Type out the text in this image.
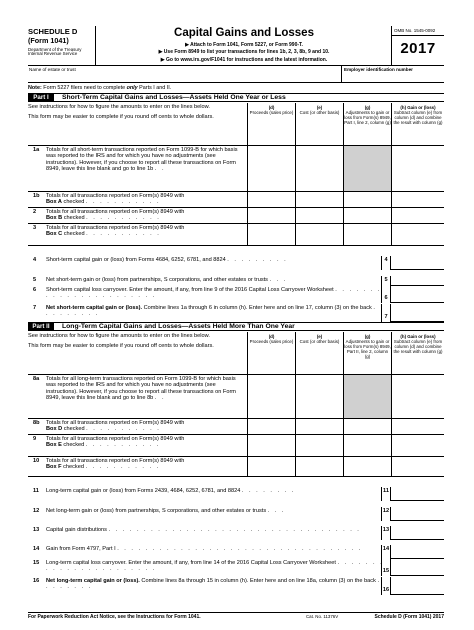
SCHEDULE D
(Form 1041)
Department of the Treasury
Internal Revenue Service
Capital Gains and Losses
▶ Attach to Form 1041, Form 5227, or Form 990-T.
▶ Use Form 8949 to list your transactions for lines 1b, 2, 3, 8b, 9 and 10.
▶ Go to www.irs.gov/F1041 for instructions and the latest information.
OMB No. 1545-0092
2017
Name of estate or trust	Employer identification number
Note: Form 5227 filers need to complete only Parts I and II.
Part I	Short-Term Capital Gains and Losses—Assets Held One Year or Less

See instructions for how to figure the amounts to enter on the lines below.

This form may be easier to complete if you round off cents to whole dollars.

(d)
Proceeds (sales price)
(e)
Cost (or other basis)
(g)
Adjustments to gain or loss from Form(s) 8949, Part I, line 2, column (g)
(h) Gain or (loss)
Subtract column (e) from column (d) and combine the result with column (g)
1a Totals for all short-term transactions reported on Form 1099-B for which basis was reported to the IRS and for which you have no adjustments (see instructions). However, if you choose to report all these transactions on Form 8949, leave this line blank and go to line 1b . .
1b Totals for all transactions reported on Form(s) 8949 with
Box A checked . . . . . . . . . . .
2 Totals for all transactions reported on Form(s) 8949 with
Box B checked . . . . . . . . . . .
3 Totals for all transactions reported on Form(s) 8949 with
Box C checked . . . . . . . . . . .
4 Short-term capital gain or (loss) from Forms 4684, 6252, 6781, and 8824 . . . . . . . . .	4
5 Net short-term gain or (loss) from partnerships, S corporations, and other estates or trusts . . .	5
6 Short-term capital loss carryover. Enter the amount, if any, from line 9 of the 2016 Capital Loss Carryover Worksheet . . . . . . . . . . . . . . . . . . . . . . .	6
7 Net short-term capital gain or (loss). Combine lines 1a through 6 in column (h). Enter here and on line 17, column (3) on the back . . . . . . . . .	7
Part II	Long-Term Capital Gains and Losses—Assets Held More Than One Year

See instructions for how to figure the amounts to enter on the lines below.

This form may be easier to complete if you round off cents to whole dollars.

(d)
Proceeds (sales price)
(e)
Cost (or other basis)
(g)
Adjustments to gain or loss from Form(s) 8949, Part II, line 2, column (g)
(h) Gain or (loss)
Subtract column (e) from column (d) and combine the result with column (g)
8a Totals for all long-term transactions reported on Form 1099-B for which basis was reported to the IRS and for which you have no adjustments (see instructions). However, if you choose to report all these transactions on Form 8949, leave this line blank and go to line 8b . .
8b Totals for all transactions reported on Form(s) 8949 with
Box D checked . . . . . . . . . . .
9 Totals for all transactions reported on Form(s) 8949 with
Box E checked . . . . . . . . . . .
10 Totals for all transactions reported on Form(s) 8949 with
Box F checked . . . . . . . . . . .
11 Long-term capital gain or (loss) from Forms 2439, 4684, 6252, 6781, and 8824 . . . . . . . .	11
12 Net long-term gain or (loss) from partnerships, S corporations, and other estates or trusts . . .	12
13 Capital gain distributions . . . . . . . . . . . . . . . . . . . . . . . . . . . . . . . . . . . .	13
14 Gain from Form 4797, Part I . . . . . . . . . . . . . . . . . . . . . . . . . . . . . . . . . . .	14
15 Long-term capital loss carryover. Enter the amount, if any, from line 14 of the 2016 Capital Loss Carryover Worksheet . . . . . . . . . . . . . . . . . . . . . . .	15
16 Net long-term capital gain or (loss). Combine lines 8a through 15 in column (h). Enter here and on line 18a, column (3) on the back . . . . . . . .	16
For Paperwork Reduction Act Notice, see the Instructions for Form 1041.	Cat. No. 11376V	Schedule D (Form 1041) 2017
